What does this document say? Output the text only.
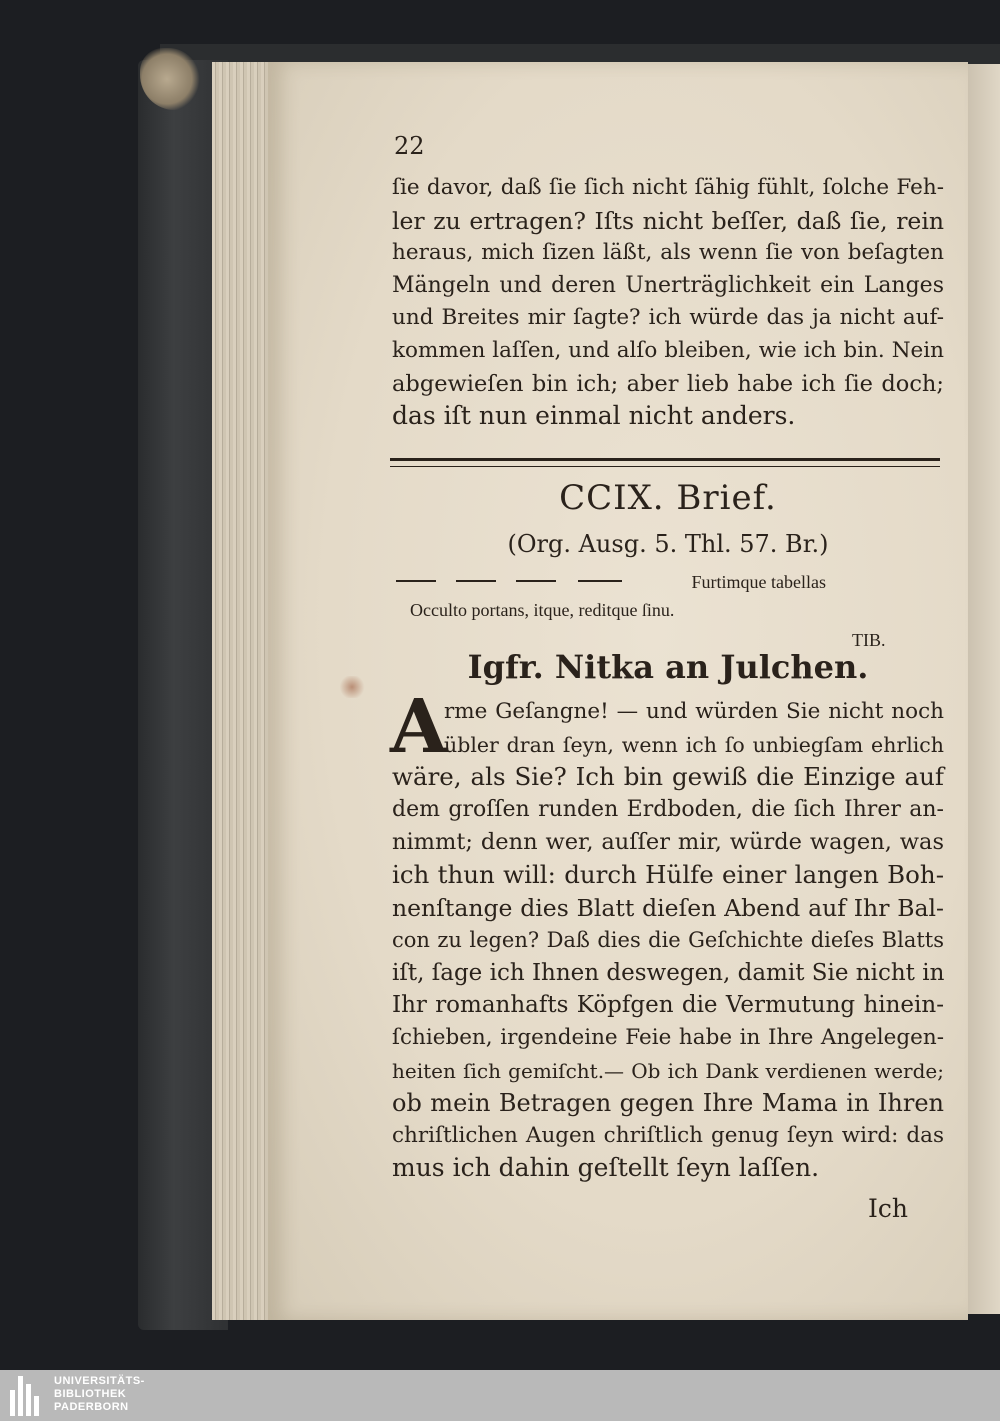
22
ſie davor, daß ſie ſich nicht ſähig fühlt, ſolche Feh-
ler zu ertragen? Iſts nicht beſſer, daß ſie, rein
heraus, mich ſizen läßt, als wenn ſie von beſagten
Mängeln und deren Unerträglichkeit ein Langes
und Breites mir ſagte? ich würde das ja nicht auf-
kommen laſſen, und alſo bleiben, wie ich bin. Nein
abgewieſen bin ich; aber lieb habe ich ſie doch;
das iſt nun einmal nicht anders.
CCIX. Brief.
(Org. Ausg. 5. Thl. 57. Br.)
Furtimque tabellas
Occulto portans, itque, reditque ſinu.
TIB.
Igfr. Nitka an Julchen.
A
rme Geſangne! — und würden Sie nicht noch
übler dran ſeyn, wenn ich ſo unbiegſam ehrlich
wäre, als Sie? Ich bin gewiß die Einzige auf
dem groſſen runden Erdboden, die ſich Ihrer an-
nimmt; denn wer, auſſer mir, würde wagen, was
ich thun will: durch Hülfe einer langen Boh-
nenſtange dies Blatt dieſen Abend auf Ihr Bal-
con zu legen? Daß dies die Geſchichte dieſes Blatts
iſt, ſage ich Ihnen deswegen, damit Sie nicht in
Ihr romanhafts Köpfgen die Vermutung hinein-
ſchieben, irgendeine Feie habe in Ihre Angelegen-
heiten ſich gemiſcht.— Ob ich Dank verdienen werde;
ob mein Betragen gegen Ihre Mama in Ihren
chriſtlichen Augen chriſtlich genug ſeyn wird: das
mus ich dahin geſtellt ſeyn laſſen.
Ich
UNIVERSITÄTS-
BIBLIOTHEK
PADERBORN
